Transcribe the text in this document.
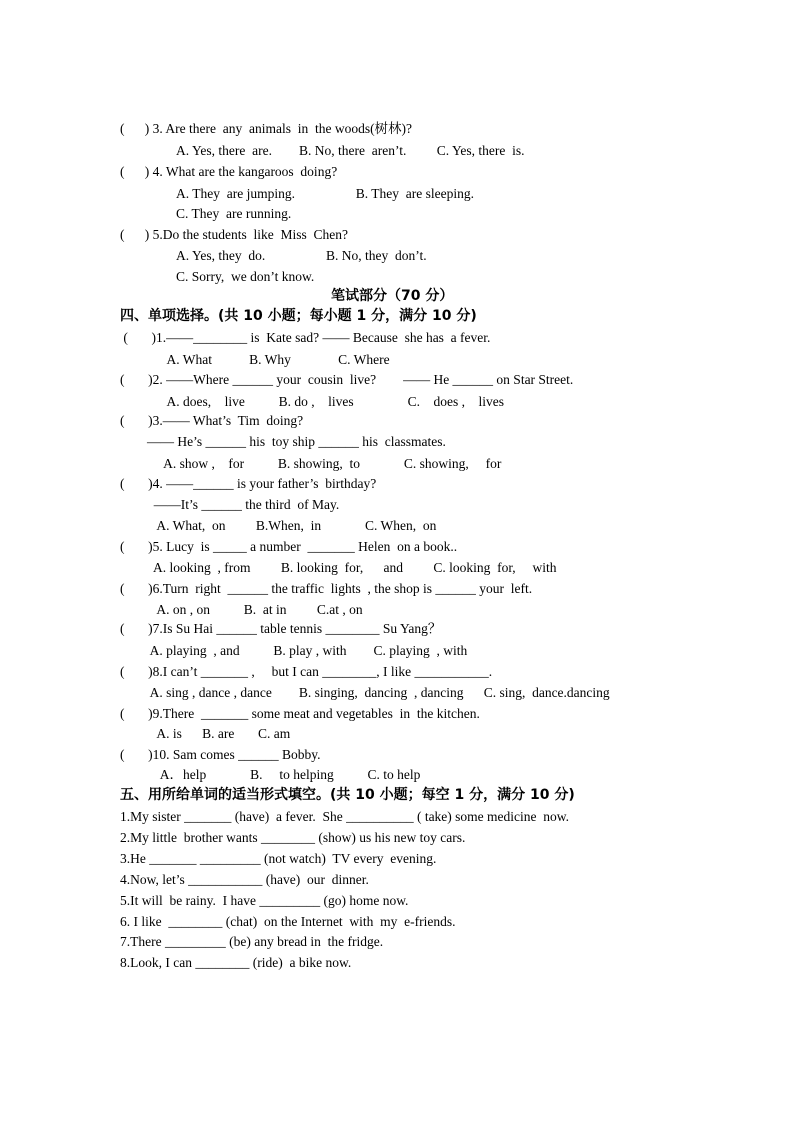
(      ) 3. Are there  any  animals  in  the woods(树林)?
A. Yes, there  are.        B. No, there  aren’t.         C. Yes, there  is.
(      ) 4. What are the kangaroos  doing?
A. They  are jumping.                  B. They  are sleeping.
C. They  are running.
(      ) 5.Do the students  like  Miss  Chen?
A. Yes, they  do.                  B. No, they  don’t.
C. Sorry,  we don’t know.
笔试部分（70 分）
四、单项选择。(共 10 小题；每小题 1 分，满分 10 分)
(       )1.——________ is  Kate sad? —— Because  she has  a fever.
A. What           B. Why              C. Where
(       )2. ——Where ______ your  cousin  live?        —— He ______ on Star Street.
A. does,    live          B. do ,    lives                C.    does ,    lives
(       )3.—— What’s  Tim  doing?
—— He’s ______ his  toy ship ______ his  classmates.
A. show ,    for          B. showing,  to             C. showing,     for
(       )4. ——______ is your father’s  birthday?
——It’s ______ the third  of May.
A. What,  on         B.When,  in             C. When,  on
(       )5. Lucy  is _____ a number  _______ Helen  on a book..
A. looking  , from         B. looking  for,      and         C. looking  for,     with
(       )6.Turn  right  ______ the traffic  lights  , the shop is ______ your  left.
A. on , on          B.  at in         C.at , on
(       )7.Is Su Hai ______ table tennis ________ Su Yang？
A. playing  , and          B. play , with        C. playing  , with
(       )8.I can’t _______ ,     but I can ________, I like ___________.
A. sing , dance , dance        B. singing,  dancing  , dancing      C. sing,  dance.dancing
(       )9.There  _______ some meat and vegetables  in  the kitchen.
A. is      B. are       C. am
(       )10. Sam comes ______ Bobby.
A．help             B.     to helping          C. to help
五、用所给单词的适当形式填空。(共 10 小题；每空 1 分，满分 10 分)
1.My sister _______ (have)  a fever.  She __________ ( take) some medicine  now.
2.My little  brother wants ________ (show) us his new toy cars.
3.He _______ _________ (not watch)  TV every  evening.
4.Now, let’s ___________ (have)  our  dinner.
5.It will  be rainy.  I have _________ (go) home now.
6. I like  ________ (chat)  on the Internet  with  my  e-friends.
7.There _________ (be) any bread in  the fridge.
8.Look, I can ________ (ride)  a bike now.
